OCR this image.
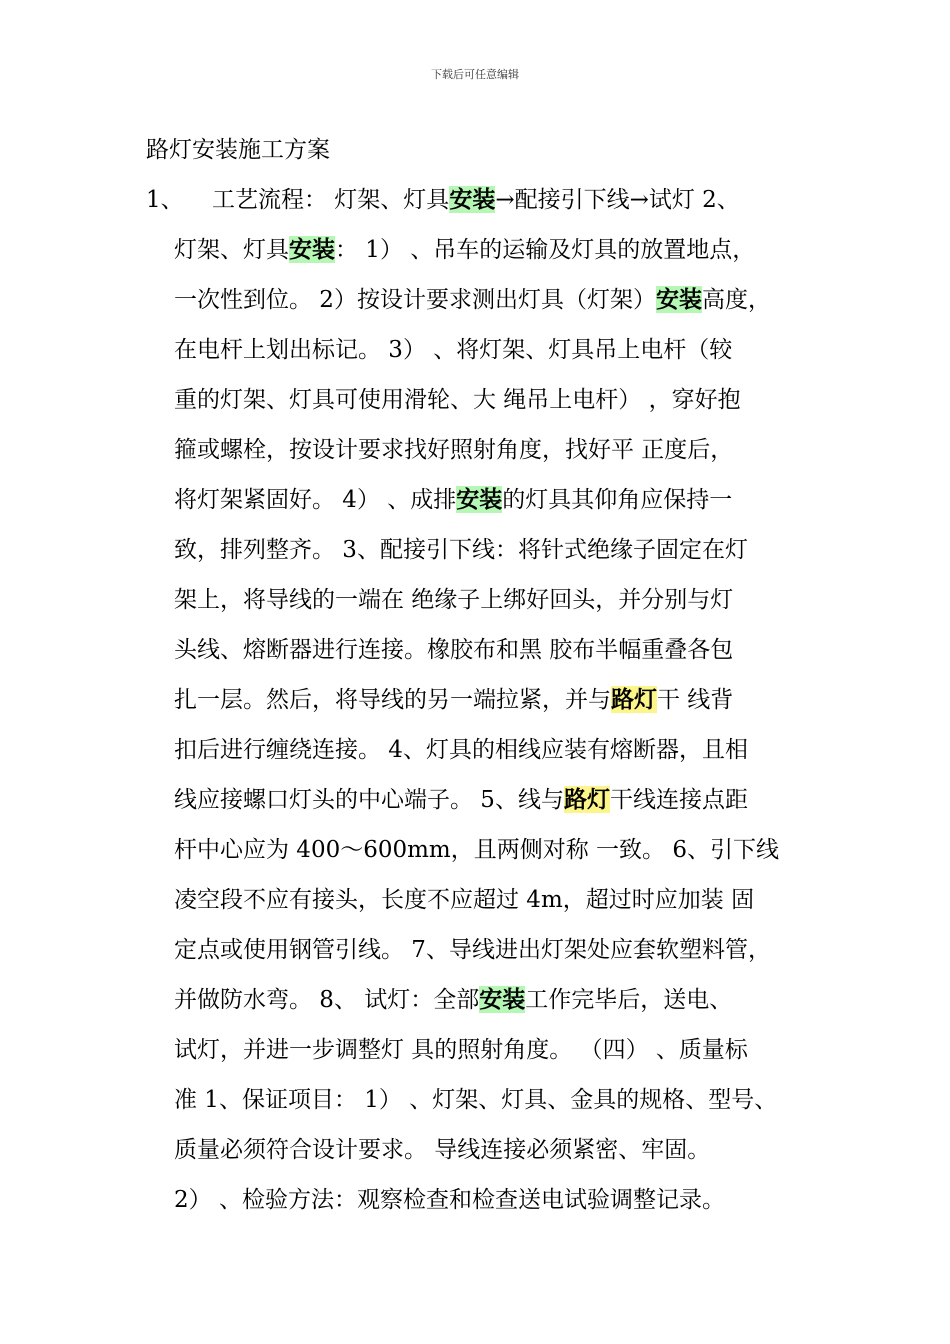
下载后可任意编辑
路灯安装施工方案
1、 工艺流程： 灯架、灯具安装→配接引下线→试灯 2、
灯架、灯具安装： 1） 、吊车的运输及灯具的放置地点，
一次性到位。 2）按设计要求测出灯具（灯架）安装高度，
在电杆上划出标记。 3） 、将灯架、灯具吊上电杆（较
重的灯架、灯具可使用滑轮、大 绳吊上电杆） ，穿好抱
箍或螺栓，按设计要求找好照射角度，找好平 正度后，
将灯架紧固好。 4） 、成排安装的灯具其仰角应保持一
致，排列整齐。 3、配接引下线：将针式绝缘子固定在灯
架上，将导线的一端在 绝缘子上绑好回头，并分别与灯
头线、熔断器进行连接。橡胶布和黑 胶布半幅重叠各包
扎一层。然后，将导线的另一端拉紧，并与路灯干 线背
扣后进行缠绕连接。 4、灯具的相线应装有熔断器，且相
线应接螺口灯头的中心端子。 5、线与路灯干线连接点距
杆中心应为 400～600mm，且两侧对称 一致。 6、引下线
凌空段不应有接头，长度不应超过 4m，超过时应加装 固
定点或使用钢管引线。 7、导线进出灯架处应套软塑料管，
并做防水弯。 8、 试灯：全部安装工作完毕后，送电、
试灯，并进一步调整灯 具的照射角度。 （四） 、质量标
准 1、保证项目： 1） 、灯架、灯具、金具的规格、型号、
质量必须符合设计要求。 导线连接必须紧密、牢固。
2） 、检验方法：观察检查和检查送电试验调整记录。
